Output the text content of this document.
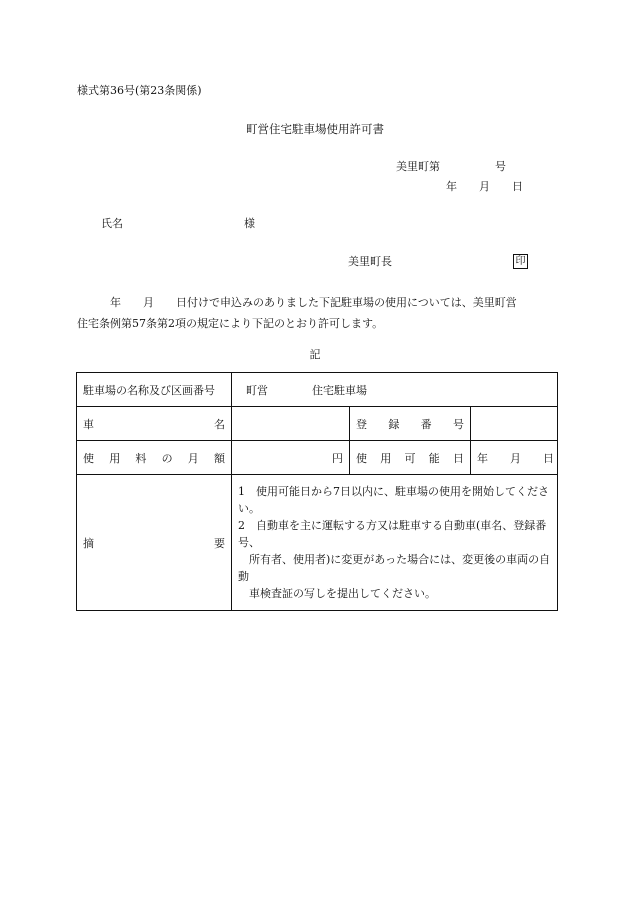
様式第36号(第23条関係)
町営住宅駐車場使用許可書
美里町第　　　　　号
年　　月　　日
氏名　　　　　　　　　　　様
美里町長	印
　　　年　　月　　日付けで申込みのありました下記駐車場の使用については、美里町営
住宅条例第57条第2項の規定により下記のとおり許可します。
記
駐車場の名称及び区画番号	町営　　　　住宅駐車場		

車名		登録番号	

使用料の月額	円	使用可能日	年　　月　　日

摘要	1　使用可能日から7日以内に、駐車場の使用を開始してください。
2　自動車を主に運転する方又は駐車する自動車(車名、登録番号、
　所有者、使用者)に変更があった場合には、変更後の車両の自動
　車検査証の写しを提出してください。		
